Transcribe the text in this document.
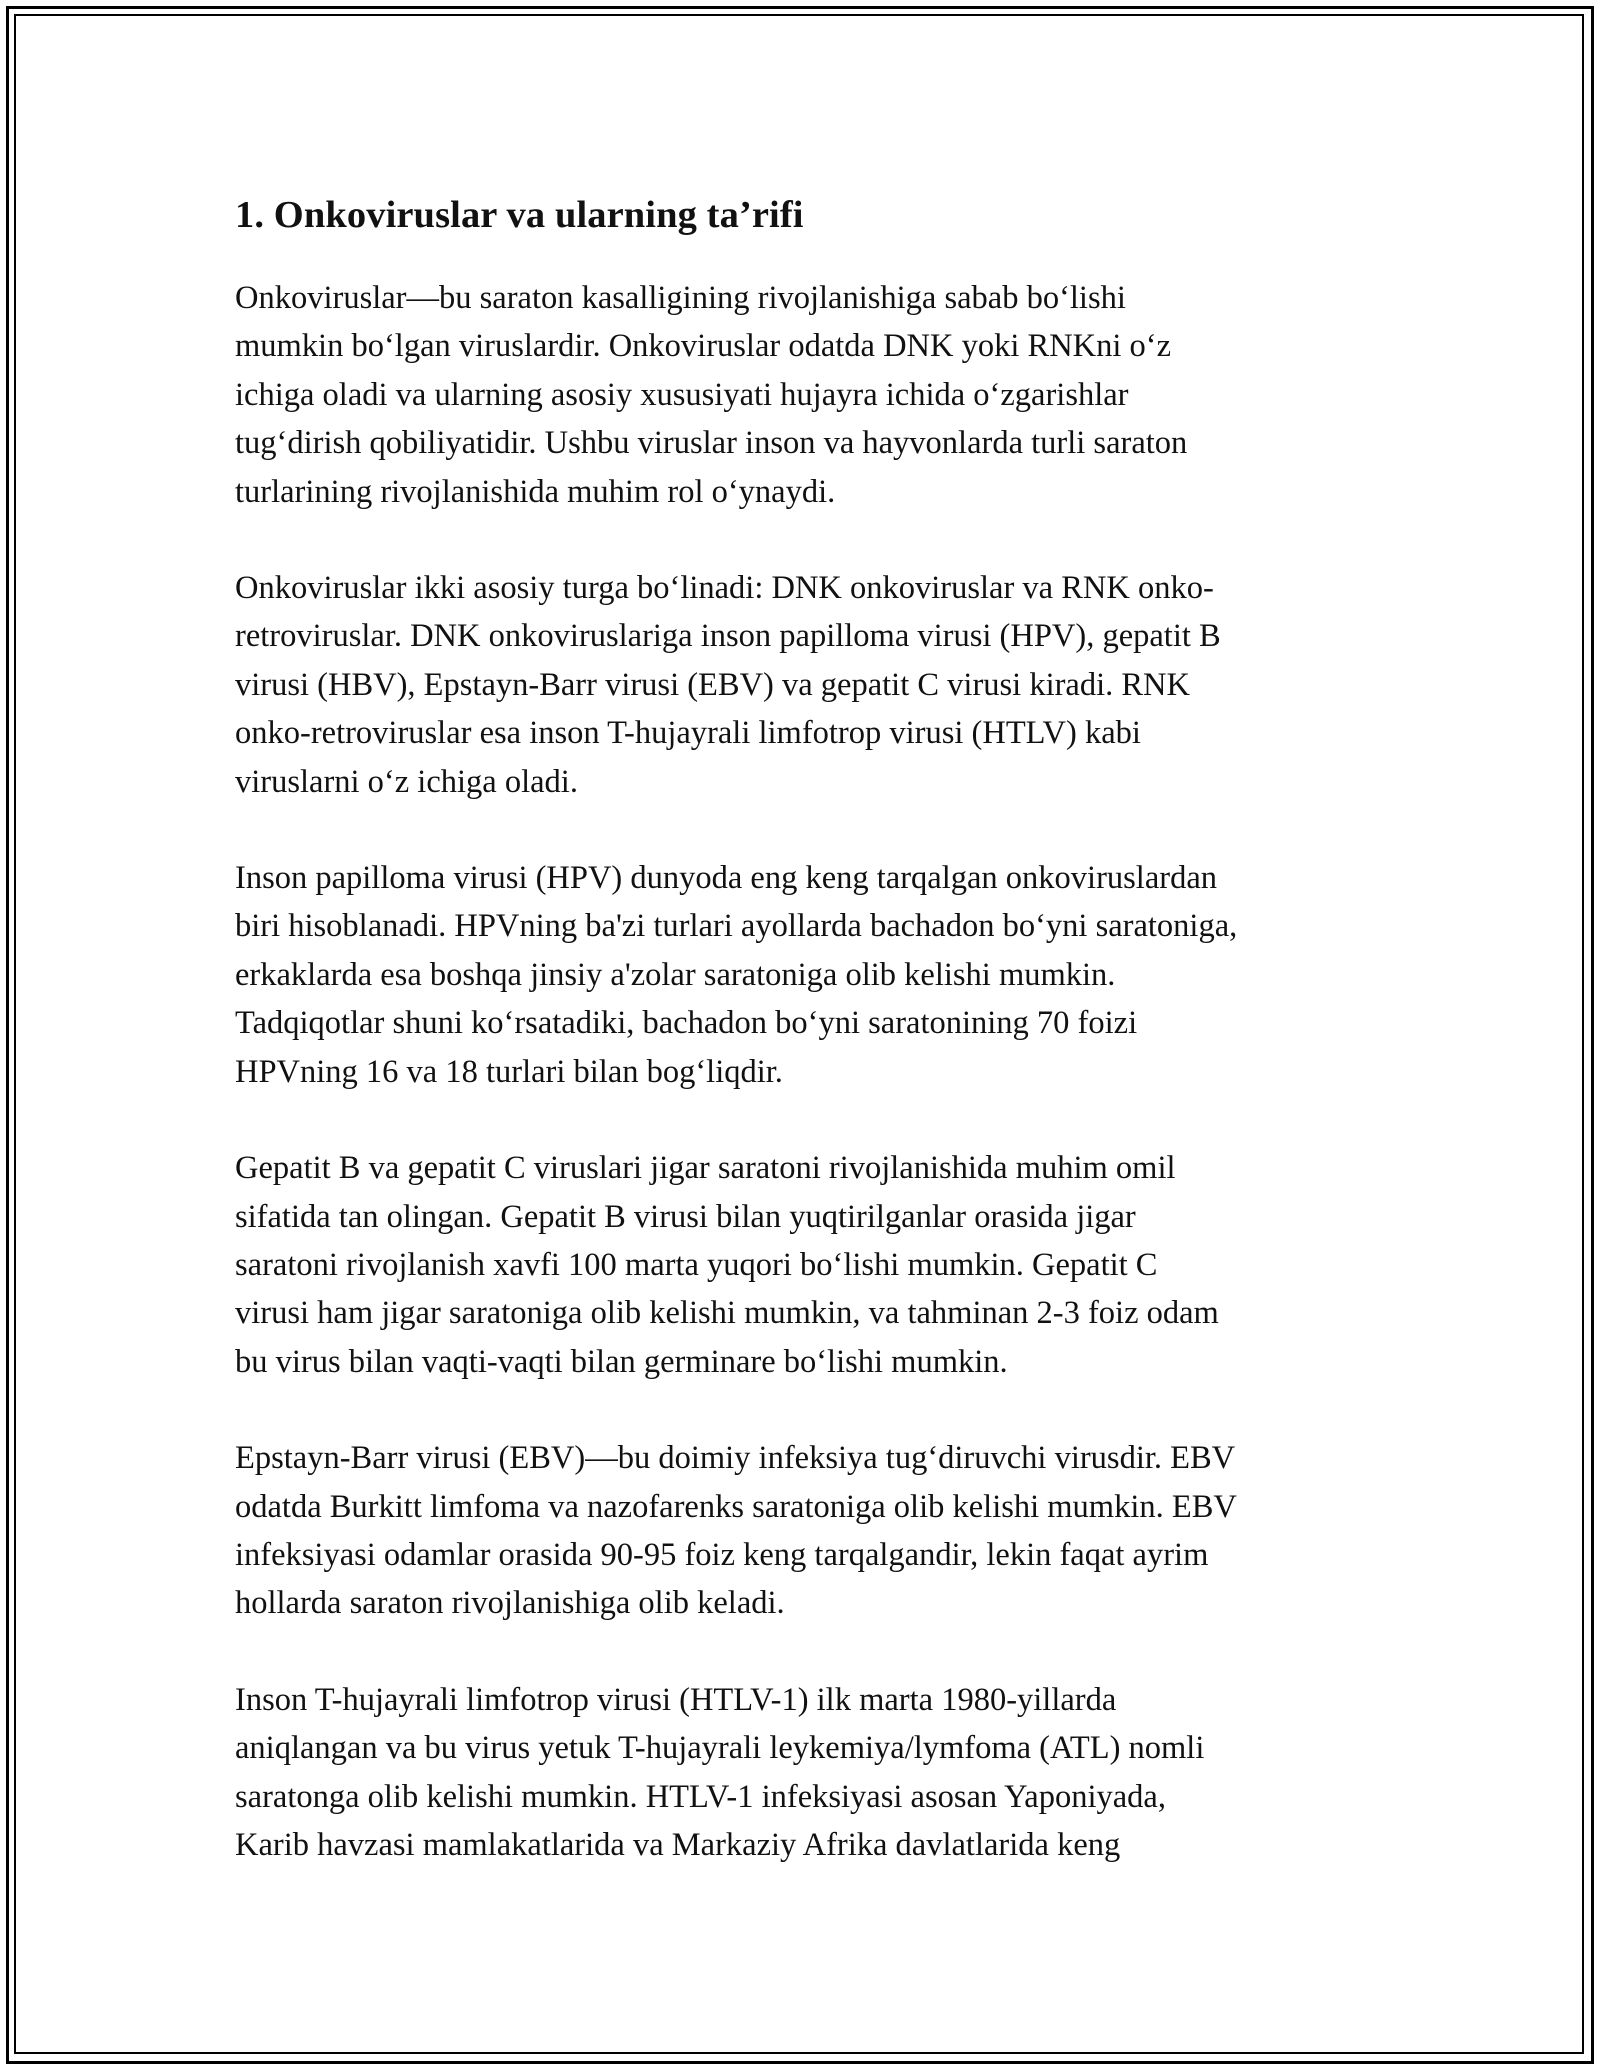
1. Onkoviruslar va ularning ta’rifi

Onkoviruslar—bu saraton kasalligining rivojlanishiga sabab bo‘lishi
mumkin bo‘lgan viruslardir. Onkoviruslar odatda DNK yoki RNKni o‘z
ichiga oladi va ularning asosiy xususiyati hujayra ichida o‘zgarishlar
tug‘dirish qobiliyatidir. Ushbu viruslar inson va hayvonlarda turli saraton
turlarining rivojlanishida muhim rol o‘ynaydi.

Onkoviruslar ikki asosiy turga bo‘linadi: DNK onkoviruslar va RNK onko-
retroviruslar. DNK onkoviruslariga inson papilloma virusi (HPV), gepatit B
virusi (HBV), Epstayn-Barr virusi (EBV) va gepatit C virusi kiradi. RNK
onko-retroviruslar esa inson T-hujayrali limfotrop virusi (HTLV) kabi
viruslarni o‘z ichiga oladi.

Inson papilloma virusi (HPV) dunyoda eng keng tarqalgan onkoviruslardan
biri hisoblanadi. HPVning ba'zi turlari ayollarda bachadon bo‘yni saratoniga,
erkaklarda esa boshqa jinsiy a'zolar saratoniga olib kelishi mumkin.
Tadqiqotlar shuni ko‘rsatadiki, bachadon bo‘yni saratonining 70 foizi
HPVning 16 va 18 turlari bilan bog‘liqdir.

Gepatit B va gepatit C viruslari jigar saratoni rivojlanishida muhim omil
sifatida tan olingan. Gepatit B virusi bilan yuqtirilganlar orasida jigar
saratoni rivojlanish xavfi 100 marta yuqori bo‘lishi mumkin. Gepatit C
virusi ham jigar saratoniga olib kelishi mumkin, va tahminan 2-3 foiz odam
bu virus bilan vaqti-vaqti bilan germinare bo‘lishi mumkin.

Epstayn-Barr virusi (EBV)—bu doimiy infeksiya tug‘diruvchi virusdir. EBV
odatda Burkitt limfoma va nazofarenks saratoniga olib kelishi mumkin. EBV
infeksiyasi odamlar orasida 90-95 foiz keng tarqalgandir, lekin faqat ayrim
hollarda saraton rivojlanishiga olib keladi.

Inson T-hujayrali limfotrop virusi (HTLV-1) ilk marta 1980-yillarda
aniqlangan va bu virus yetuk T-hujayrali leykemiya/lymfoma (ATL) nomli
saratonga olib kelishi mumkin. HTLV-1 infeksiyasi asosan Yaponiyada,
Karib havzasi mamlakatlarida va Markaziy Afrika davlatlarida keng
